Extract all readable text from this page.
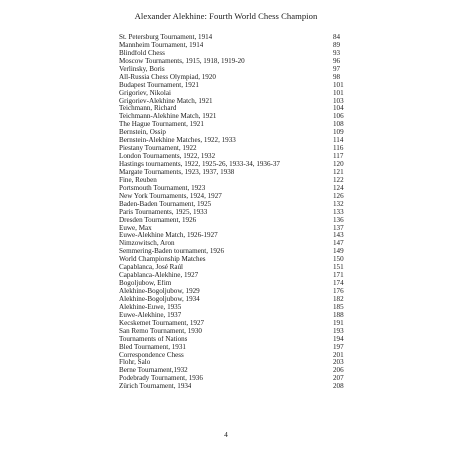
Alexander Alekhine: Fourth World Chess Champion
St. Petersburg Tournament, 1914	84
Mannheim Tournament, 1914	89
Blindfold Chess	93
Moscow Tournaments, 1915, 1918, 1919-20	96
Verlinsky, Boris	97
All-Russia Chess Olympiad, 1920	98
Budapest Tournament, 1921	101
Grigoriev, Nikolai	101
Grigoriev-Alekhine Match, 1921	103
Teichmann, Richard	104
Teichmann-Alekhine Match, 1921	106
The Hague Tournament, 1921	108
Bernstein, Ossip	109
Bernstein-Alekhine Matches, 1922, 1933	114
Piestany Tournament, 1922	116
London Tournaments, 1922, 1932	117
Hastings tournaments, 1922, 1925-26, 1933-34, 1936-37	120
Margate Tournaments, 1923, 1937, 1938	121
Fine, Reuben	122
Portsmouth Tournament, 1923	124
New York Tournaments, 1924, 1927	126
Baden-Baden Tournament, 1925	132
Paris Tournaments, 1925, 1933	133
Dresden Tournament, 1926	136
Euwe, Max	137
Euwe-Alekhine Match, 1926-1927	143
Nimzowitsch, Aron	147
Semmering-Baden tournament, 1926	149
World Championship Matches	150
Capablanca, José Raúl	151
Capablanca-Alekhine, 1927	171
Bogoljubow, Efim	174
Alekhine-Bogoljubow, 1929	176
Alekhine-Bogoljubow, 1934	182
Alekhine-Euwe, 1935	185
Euwe-Alekhine, 1937	188
Kecskemet Tournament, 1927	191
San Remo Tournament, 1930	193
Tournaments of Nations	194
Bled Tournament, 1931	197
Correspondence Chess	201
Flohr, Salo	203
Berne Tournament,1932	206
Podebrady Tournament, 1936	207
Zürich Tournament, 1934	208
4
